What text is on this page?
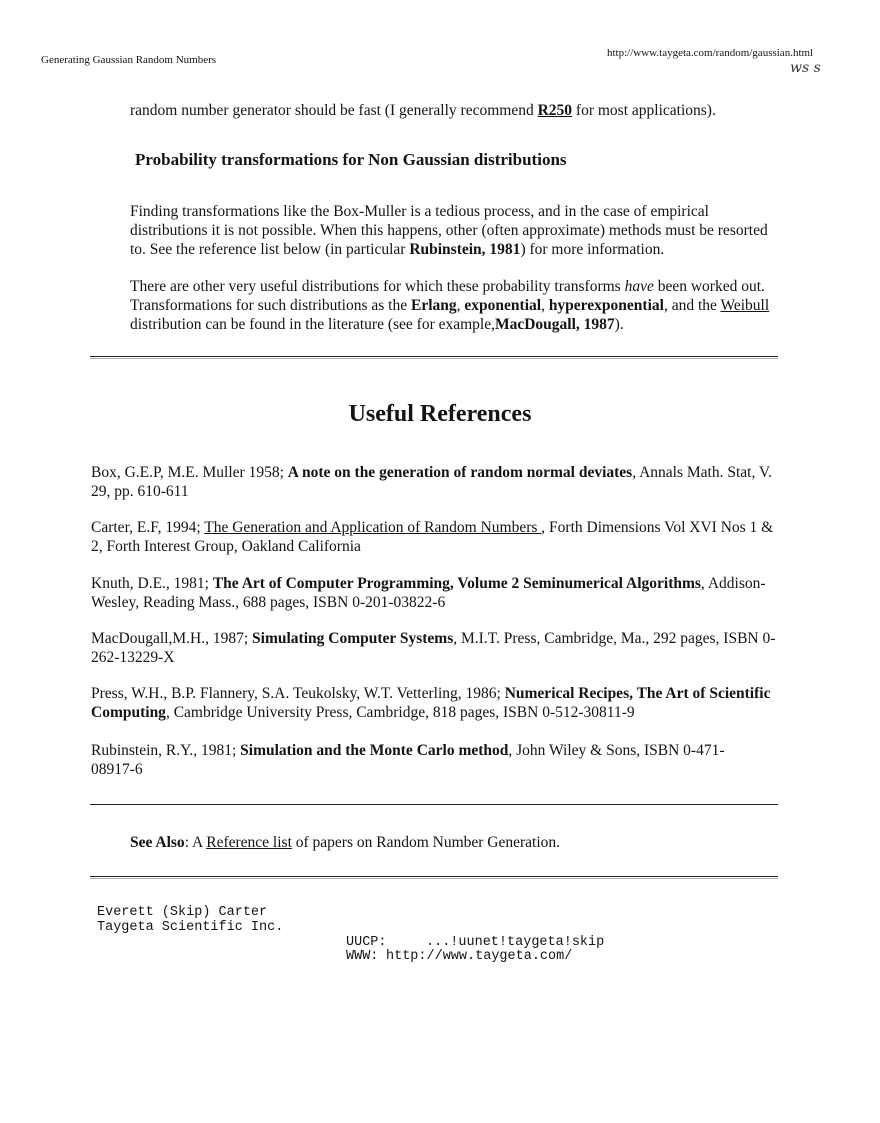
Generating Gaussian Random Numbers
http://www.taygeta.com/random/gaussian.html
ws s
random number generator should be fast (I generally recommend R250 for most applications).
Probability transformations for Non Gaussian distributions
Finding transformations like the Box-Muller is a tedious process, and in the case of empirical distributions it is not possible. When this happens, other (often approximate) methods must be resorted to. See the reference list below (in particular Rubinstein, 1981) for more information.
There are other very useful distributions for which these probability transforms have been worked out. Transformations for such distributions as the Erlang, exponential, hyperexponential, and the Weibull distribution can be found in the literature (see for example,MacDougall, 1987).
Useful References
Box, G.E.P, M.E. Muller 1958; A note on the generation of random normal deviates, Annals Math. Stat, V. 29, pp. 610-611
Carter, E.F, 1994; The Generation and Application of Random Numbers , Forth Dimensions Vol XVI Nos 1 & 2, Forth Interest Group, Oakland California
Knuth, D.E., 1981; The Art of Computer Programming, Volume 2 Seminumerical Algorithms, Addison-Wesley, Reading Mass., 688 pages, ISBN 0-201-03822-6
MacDougall,M.H., 1987; Simulating Computer Systems, M.I.T. Press, Cambridge, Ma., 292 pages, ISBN 0-262-13229-X
Press, W.H., B.P. Flannery, S.A. Teukolsky, W.T. Vetterling, 1986; Numerical Recipes, The Art of Scientific Computing, Cambridge University Press, Cambridge, 818 pages, ISBN 0-512-30811-9
Rubinstein, R.Y., 1981; Simulation and the Monte Carlo method, John Wiley & Sons, ISBN 0-471-08917-6
See Also: A Reference list of papers on Random Number Generation.
Everett (Skip) Carter
Taygeta Scientific Inc.
UUCP:	...!uunet!taygeta!skip
WWW: http://www.taygeta.com/
